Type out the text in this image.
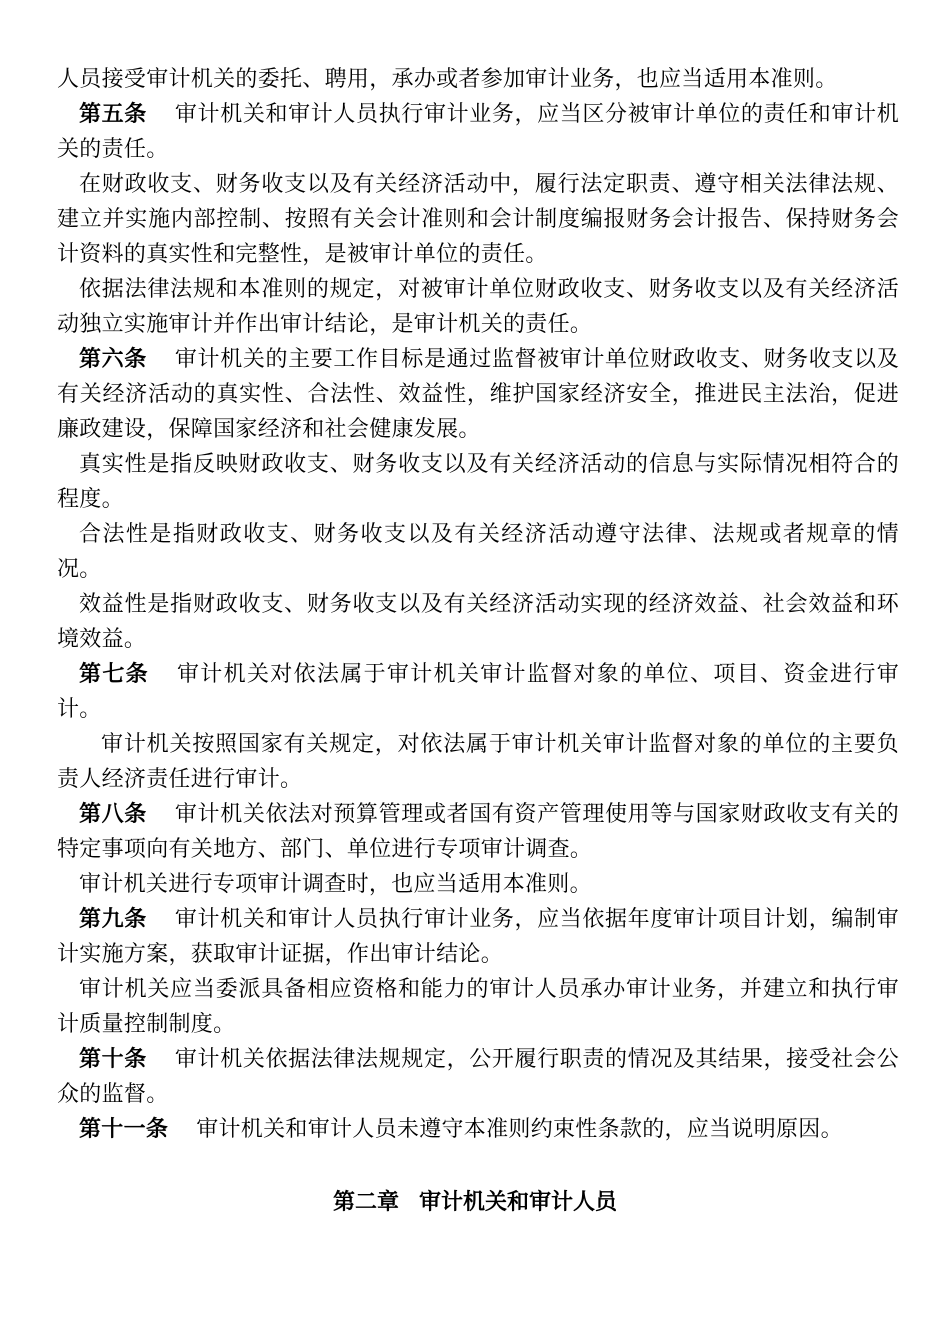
人员接受审计机关的委托、聘用，承办或者参加审计业务，也应当适用本准则。

第五条 审计机关和审计人员执行审计业务，应当区分被审计单位的责任和审计机关的责任。

在财政收支、财务收支以及有关经济活动中，履行法定职责、遵守相关法律法规、建立并实施内部控制、按照有关会计准则和会计制度编报财务会计报告、保持财务会计资料的真实性和完整性，是被审计单位的责任。

依据法律法规和本准则的规定，对被审计单位财政收支、财务收支以及有关经济活动独立实施审计并作出审计结论，是审计机关的责任。

第六条 审计机关的主要工作目标是通过监督被审计单位财政收支、财务收支以及有关经济活动的真实性、合法性、效益性，维护国家经济安全，推进民主法治，促进廉政建设，保障国家经济和社会健康发展。

真实性是指反映财政收支、财务收支以及有关经济活动的信息与实际情况相符合的程度。

合法性是指财政收支、财务收支以及有关经济活动遵守法律、法规或者规章的情况。

效益性是指财政收支、财务收支以及有关经济活动实现的经济效益、社会效益和环境效益。

第七条 审计机关对依法属于审计机关审计监督对象的单位、项目、资金进行审计。

审计机关按照国家有关规定，对依法属于审计机关审计监督对象的单位的主要负责人经济责任进行审计。

第八条 审计机关依法对预算管理或者国有资产管理使用等与国家财政收支有关的特定事项向有关地方、部门、单位进行专项审计调查。

审计机关进行专项审计调查时，也应当适用本准则。

第九条 审计机关和审计人员执行审计业务，应当依据年度审计项目计划，编制审计实施方案，获取审计证据，作出审计结论。

审计机关应当委派具备相应资格和能力的审计人员承办审计业务，并建立和执行审计质量控制制度。

第十条 审计机关依据法律法规规定，公开履行职责的情况及其结果，接受社会公众的监督。

第十一条 审计机关和审计人员未遵守本准则约束性条款的，应当说明原因。

第二章 审计机关和审计人员
